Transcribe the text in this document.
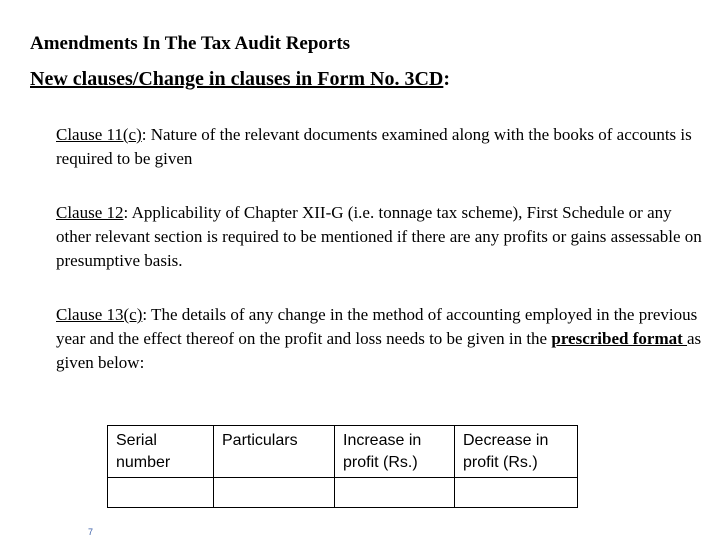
Amendments In The Tax Audit Reports
New clauses/Change in clauses in Form No. 3CD:
Clause 11(c): Nature of the relevant documents examined along with the books of accounts is required to be given
Clause 12: Applicability of Chapter XII-G (i.e. tonnage tax scheme), First Schedule or any other relevant section is required to be mentioned if there are any profits or gains assessable on presumptive basis.
Clause 13(c): The details of any change in the method of accounting employed in the previous year and the effect thereof on the profit and loss needs to be given in the prescribed format as given below:
Serial number	Particulars	Increase in profit (Rs.)	Decrease in profit (Rs.)

7
